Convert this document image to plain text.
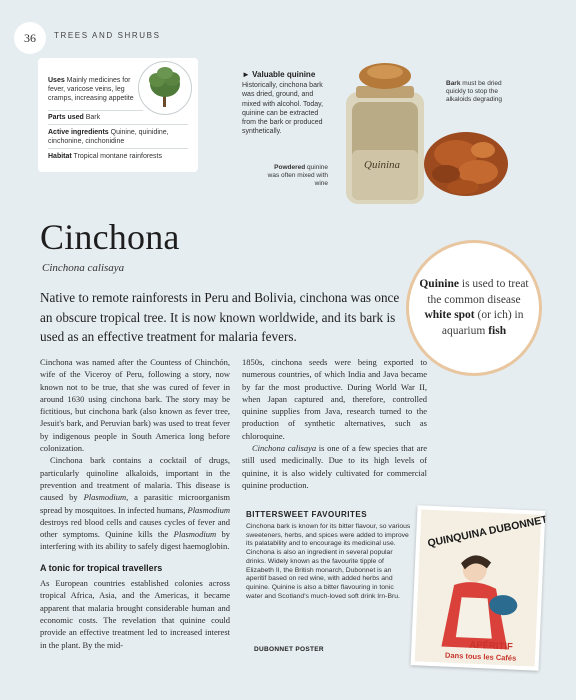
36 TREES AND SHRUBS
Uses Mainly medicines for fever, varicose veins, leg cramps, increasing appetite
Parts used Bark
Active ingredients Quinine, quinidine, cinchonine, cinchonidine
Habitat Tropical montane rainforests
► Valuable quinine
Historically, cinchona bark was dried, ground, and mixed with alcohol. Today, quinine can be extracted from the bark or produced synthetically.
Quinina
Powdered quinine was often mixed with wine
Bark must be dried quickly to stop the alkaloids degrading
Cinchona
Cinchona calisaya
Native to remote rainforests in Peru and Bolivia, cinchona was once an obscure tropical tree. It is now known worldwide, and its bark is used as an effective treatment for malaria fevers.
Quinine is used to treat the common disease white spot (or ich) in aquarium fish

Cinchona was named after the Countess of Chinchón, wife of the Viceroy of Peru, following a story, now known not to be true, that she was cured of fever in around 1630 using cinchona bark. The story may be fictitious, but cinchona bark (also known as fever tree, Jesuit's bark, and Peruvian bark) was used to treat fever by indigenous people in South America long before colonization.

Cinchona bark contains a cocktail of drugs, particularly quinoline alkaloids, important in the prevention and treatment of malaria. This disease is caused by Plasmodium, a parasitic microorganism spread by mosquitoes. In infected humans, Plasmodium destroys red blood cells and causes cycles of fever and other symptoms. Quinine kills the Plasmodium by interfering with its ability to safely digest haemoglobin.

A tonic for tropical travellers

As European countries established colonies across tropical Africa, Asia, and the Americas, it became apparent that malaria brought considerable human and economic costs. The revelation that quinine could provide an effective treatment led to increased interest in the plant. By the mid-

1850s, cinchona seeds were being exported to numerous countries, of which India and Java became by far the most productive. During World War II, when Japan captured and, therefore, controlled quinine supplies from Java, research turned to the production of synthetic alternatives, such as chloroquine.

Cinchona calisaya is one of a few species that are still used medicinally. Due to its high levels of quinine, it is also widely cultivated for commercial quinine production.

BITTERSWEET FAVOURITES
Cinchona bark is known for its bitter flavour, so various sweeteners, herbs, and spices were added to improve its palatability and to encourage its medicinal use. Cinchona is also an ingredient in several popular drinks. Widely known as the favourite tipple of Elizabeth II, the British monarch, Dubonnet is an aperitif based on red wine, with added herbs and quinine. Quinine is also a bitter flavouring in tonic water and Scotland's much-loved soft drink Irn-Bru.
DUBONNET POSTER
QUINQUINA DUBONNET
APÉRITIF
Dans tous les Cafés
